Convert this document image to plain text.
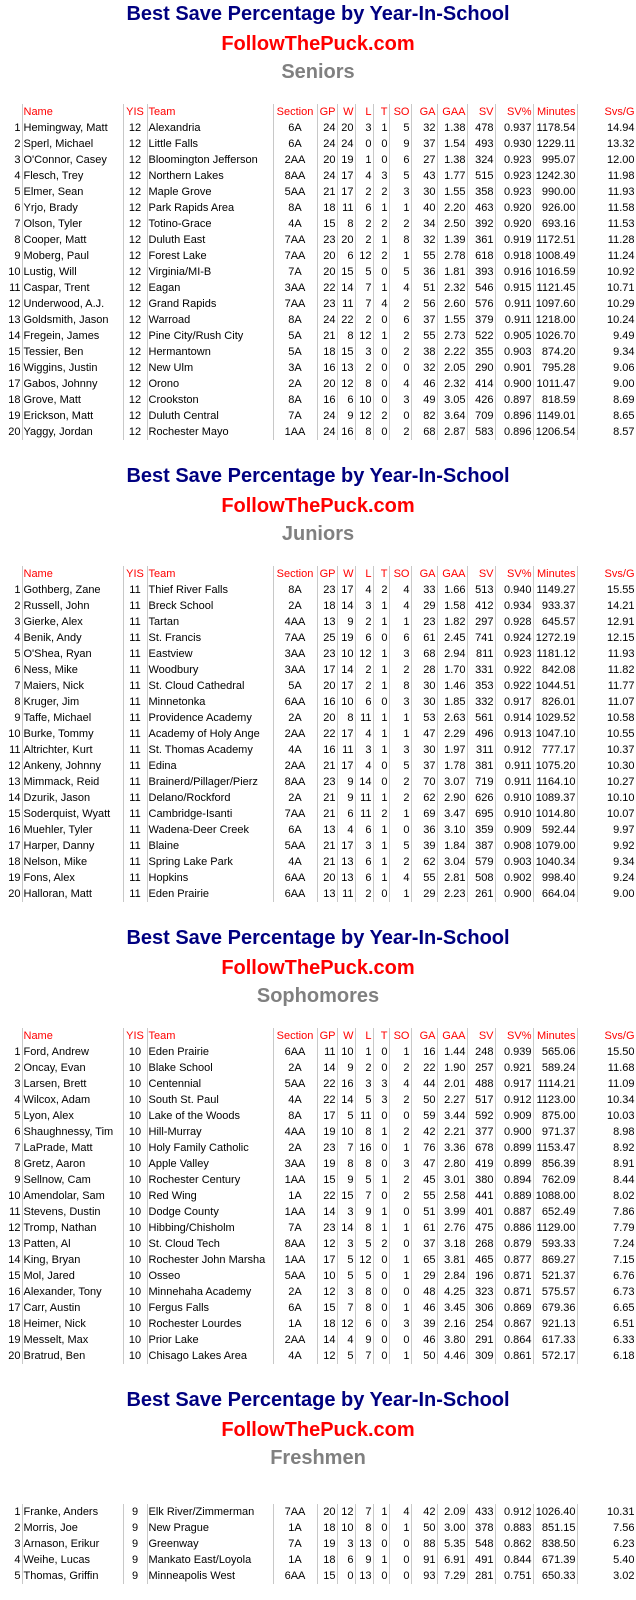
Best Save Percentage by Year-In-School
FollowThePuck.com
Seniors
	Name	YIS	Team	Section	GP	W	L	T	SO	GA	GAA	SV	SV%	Minutes	Svs/G
1	Hemingway, Matt	12	Alexandria	6A	24	20	3	1	5	32	1.38	478	0.937	1178.54	14.94
2	Sperl, Michael	12	Little Falls	6A	24	24	0	0	9	37	1.54	493	0.930	1229.11	13.32
3	O'Connor, Casey	12	Bloomington Jefferson	2AA	20	19	1	0	6	27	1.38	324	0.923	995.07	12.00
4	Flesch, Trey	12	Northern Lakes	8AA	24	17	4	3	5	43	1.77	515	0.923	1242.30	11.98
5	Elmer, Sean	12	Maple Grove	5AA	21	17	2	2	3	30	1.55	358	0.923	990.00	11.93
6	Yrjo, Brady	12	Park Rapids Area	8A	18	11	6	1	1	40	2.20	463	0.920	926.00	11.58
7	Olson, Tyler	12	Totino-Grace	4A	15	8	2	2	2	34	2.50	392	0.920	693.16	11.53
8	Cooper, Matt	12	Duluth East	7AA	23	20	2	1	8	32	1.39	361	0.919	1172.51	11.28
9	Moberg, Paul	12	Forest Lake	7AA	20	6	12	2	1	55	2.78	618	0.918	1008.49	11.24
10	Lustig, Will	12	Virginia/MI-B	7A	20	15	5	0	5	36	1.81	393	0.916	1016.59	10.92
11	Caspar, Trent	12	Eagan	3AA	22	14	7	1	4	51	2.32	546	0.915	1121.45	10.71
12	Underwood, A.J.	12	Grand Rapids	7AA	23	11	7	4	2	56	2.60	576	0.911	1097.60	10.29
13	Goldsmith, Jason	12	Warroad	8A	24	22	2	0	6	37	1.55	379	0.911	1218.00	10.24
14	Fregein, James	12	Pine City/Rush City	5A	21	8	12	1	2	55	2.73	522	0.905	1026.70	9.49
15	Tessier, Ben	12	Hermantown	5A	18	15	3	0	2	38	2.22	355	0.903	874.20	9.34
16	Wiggins, Justin	12	New Ulm	3A	16	13	2	0	0	32	2.05	290	0.901	795.28	9.06
17	Gabos, Johnny	12	Orono	2A	20	12	8	0	4	46	2.32	414	0.900	1011.47	9.00
18	Grove, Matt	12	Crookston	8A	16	6	10	0	3	49	3.05	426	0.897	818.59	8.69
19	Erickson, Matt	12	Duluth Central	7A	24	9	12	2	0	82	3.64	709	0.896	1149.01	8.65
20	Yaggy, Jordan	12	Rochester Mayo	1AA	24	16	8	0	2	68	2.87	583	0.896	1206.54	8.57
Best Save Percentage by Year-In-School
FollowThePuck.com
Juniors
	Name	YIS	Team	Section	GP	W	L	T	SO	GA	GAA	SV	SV%	Minutes	Svs/G
1	Gothberg, Zane	11	Thief River Falls	8A	23	17	4	2	4	33	1.66	513	0.940	1149.27	15.55
2	Russell, John	11	Breck School	2A	18	14	3	1	4	29	1.58	412	0.934	933.37	14.21
3	Gierke, Alex	11	Tartan	4AA	13	9	2	1	1	23	1.82	297	0.928	645.57	12.91
4	Benik, Andy	11	St. Francis	7AA	25	19	6	0	6	61	2.45	741	0.924	1272.19	12.15
5	O'Shea, Ryan	11	Eastview	3AA	23	10	12	1	3	68	2.94	811	0.923	1181.12	11.93
6	Ness, Mike	11	Woodbury	3AA	17	14	2	1	2	28	1.70	331	0.922	842.08	11.82
7	Maiers, Nick	11	St. Cloud Cathedral	5A	20	17	2	1	8	30	1.46	353	0.922	1044.51	11.77
8	Kruger, Jim	11	Minnetonka	6AA	16	10	6	0	3	30	1.85	332	0.917	826.01	11.07
9	Taffe, Michael	11	Providence Academy	2A	20	8	11	1	1	53	2.63	561	0.914	1029.52	10.58
10	Burke, Tommy	11	Academy of Holy Ange	2AA	22	17	4	1	1	47	2.29	496	0.913	1047.10	10.55
11	Altrichter, Kurt	11	St. Thomas Academy	4A	16	11	3	1	3	30	1.97	311	0.912	777.17	10.37
12	Ankeny, Johnny	11	Edina	2AA	21	17	4	0	5	37	1.78	381	0.911	1075.20	10.30
13	Mimmack, Reid	11	Brainerd/Pillager/Pierz	8AA	23	9	14	0	2	70	3.07	719	0.911	1164.10	10.27
14	Dzurik, Jason	11	Delano/Rockford	2A	21	9	11	1	2	62	2.90	626	0.910	1089.37	10.10
15	Soderquist, Wyatt	11	Cambridge-Isanti	7AA	21	6	11	2	1	69	3.47	695	0.910	1014.80	10.07
16	Muehler, Tyler	11	Wadena-Deer Creek	6A	13	4	6	1	0	36	3.10	359	0.909	592.44	9.97
17	Harper, Danny	11	Blaine	5AA	21	17	3	1	5	39	1.84	387	0.908	1079.00	9.92
18	Nelson, Mike	11	Spring Lake Park	4A	21	13	6	1	2	62	3.04	579	0.903	1040.34	9.34
19	Fons, Alex	11	Hopkins	6AA	20	13	6	1	4	55	2.81	508	0.902	998.40	9.24
20	Halloran, Matt	11	Eden Prairie	6AA	13	11	2	0	1	29	2.23	261	0.900	664.04	9.00
Best Save Percentage by Year-In-School
FollowThePuck.com
Sophomores
	Name	YIS	Team	Section	GP	W	L	T	SO	GA	GAA	SV	SV%	Minutes	Svs/G
1	Ford, Andrew	10	Eden Prairie	6AA	11	10	1	0	1	16	1.44	248	0.939	565.06	15.50
2	Oncay, Evan	10	Blake School	2A	14	9	2	0	2	22	1.90	257	0.921	589.24	11.68
3	Larsen, Brett	10	Centennial	5AA	22	16	3	3	4	44	2.01	488	0.917	1114.21	11.09
4	Wilcox, Adam	10	South St. Paul	4A	22	14	5	3	2	50	2.27	517	0.912	1123.00	10.34
5	Lyon, Alex	10	Lake of the Woods	8A	17	5	11	0	0	59	3.44	592	0.909	875.00	10.03
6	Shaughnessy, Tim	10	Hill-Murray	4AA	19	10	8	1	2	42	2.21	377	0.900	971.37	8.98
7	LaPrade, Matt	10	Holy Family Catholic	2A	23	7	16	0	1	76	3.36	678	0.899	1153.47	8.92
8	Gretz, Aaron	10	Apple Valley	3AA	19	8	8	0	3	47	2.80	419	0.899	856.39	8.91
9	Sellnow, Cam	10	Rochester Century	1AA	15	9	5	1	2	45	3.01	380	0.894	762.09	8.44
10	Amendolar, Sam	10	Red Wing	1A	22	15	7	0	2	55	2.58	441	0.889	1088.00	8.02
11	Stevens, Dustin	10	Dodge County	1AA	14	3	9	1	0	51	3.99	401	0.887	652.49	7.86
12	Tromp, Nathan	10	Hibbing/Chisholm	7A	23	14	8	1	1	61	2.76	475	0.886	1129.00	7.79
13	Patten, Al	10	St. Cloud Tech	8AA	12	3	5	2	0	37	3.18	268	0.879	593.33	7.24
14	King, Bryan	10	Rochester John Marsha	1AA	17	5	12	0	1	65	3.81	465	0.877	869.27	7.15
15	Mol, Jared	10	Osseo	5AA	10	5	5	0	1	29	2.84	196	0.871	521.37	6.76
16	Alexander, Tony	10	Minnehaha Academy	2A	12	3	8	0	0	48	4.25	323	0.871	575.57	6.73
17	Carr, Austin	10	Fergus Falls	6A	15	7	8	0	1	46	3.45	306	0.869	679.36	6.65
18	Heimer, Nick	10	Rochester Lourdes	1A	18	12	6	0	3	39	2.16	254	0.867	921.13	6.51
19	Messelt, Max	10	Prior Lake	2AA	14	4	9	0	0	46	3.80	291	0.864	617.33	6.33
20	Bratrud, Ben	10	Chisago Lakes Area	4A	12	5	7	0	1	50	4.46	309	0.861	572.17	6.18
Best Save Percentage by Year-In-School
FollowThePuck.com
Freshmen
1	Franke, Anders	9	Elk River/Zimmerman	7AA	20	12	7	1	4	42	2.09	433	0.912	1026.40	10.31
2	Morris, Joe	9	New Prague	1A	18	10	8	0	1	50	3.00	378	0.883	851.15	7.56
3	Arnason, Erikur	9	Greenway	7A	19	3	13	0	0	88	5.35	548	0.862	838.50	6.23
4	Weihe, Lucas	9	Mankato East/Loyola	1A	18	6	9	1	0	91	6.91	491	0.844	671.39	5.40
5	Thomas, Griffin	9	Minneapolis West	6AA	15	0	13	0	0	93	7.29	281	0.751	650.33	3.02
